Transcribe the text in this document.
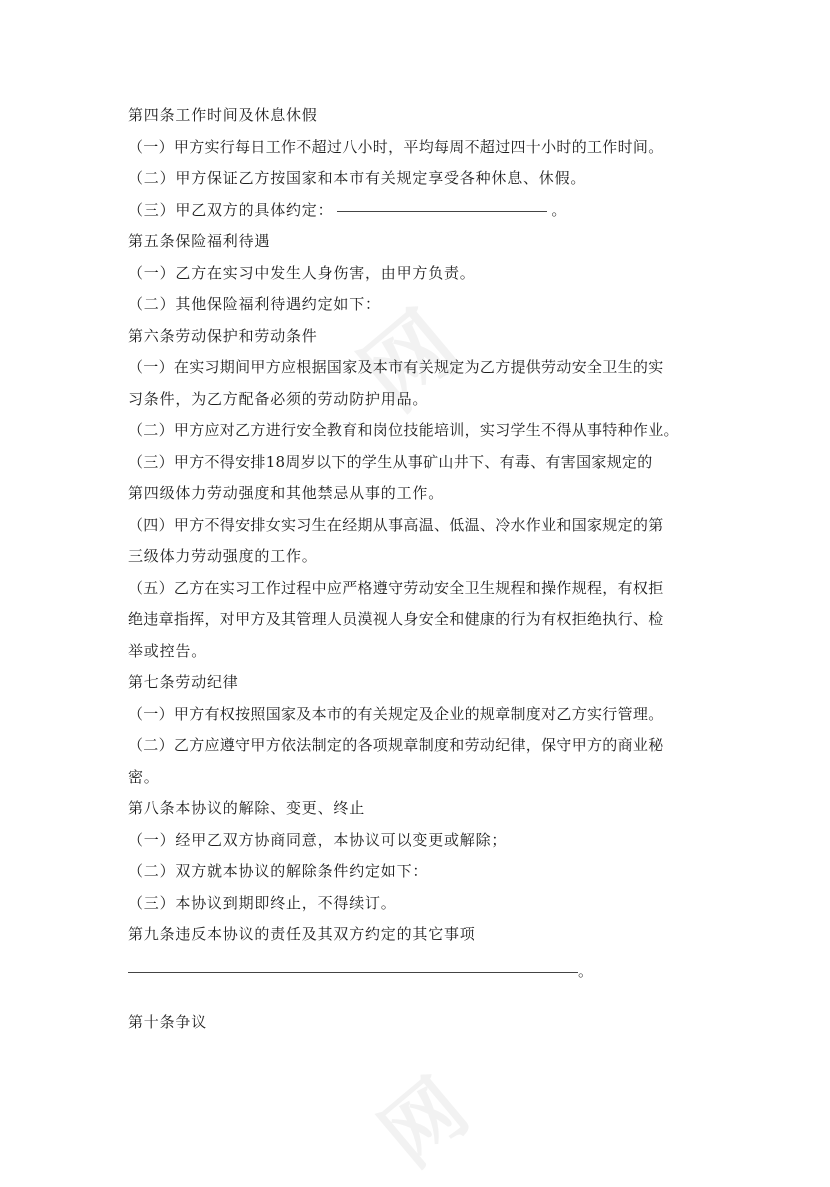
网
网
第四条工作时间及休息休假
（一）甲方实行每日工作不超过八小时，平均每周不超过四十小时的工作时间。
（二）甲方保证乙方按国家和本市有关规定享受各种休息、休假。
（三）甲乙双方的具体约定：	。
第五条保险福利待遇
（一）乙方在实习中发生人身伤害，由甲方负责。
（二）其他保险福利待遇约定如下：
第六条劳动保护和劳动条件
（一）在实习期间甲方应根据国家及本市有关规定为乙方提供劳动安全卫生的实
习条件，为乙方配备必须的劳动防护用品。
（二）甲方应对乙方进行安全教育和岗位技能培训，实习学生不得从事特种作业。
（三）甲方不得安排18周岁以下的学生从事矿山井下、有毒、有害国家规定的
第四级体力劳动强度和其他禁忌从事的工作。
（四）甲方不得安排女实习生在经期从事高温、低温、冷水作业和国家规定的第
三级体力劳动强度的工作。
（五）乙方在实习工作过程中应严格遵守劳动安全卫生规程和操作规程，有权拒
绝违章指挥，对甲方及其管理人员漠视人身安全和健康的行为有权拒绝执行、检
举或控告。
第七条劳动纪律
（一）甲方有权按照国家及本市的有关规定及企业的规章制度对乙方实行管理。
（二）乙方应遵守甲方依法制定的各项规章制度和劳动纪律，保守甲方的商业秘
密。
第八条本协议的解除、变更、终止
（一）经甲乙双方协商同意，本协议可以变更或解除；
（二）双方就本协议的解除条件约定如下：
（三）本协议到期即终止，不得续订。
第九条违反本协议的责任及其双方约定的其它事项
。
第十条争议
